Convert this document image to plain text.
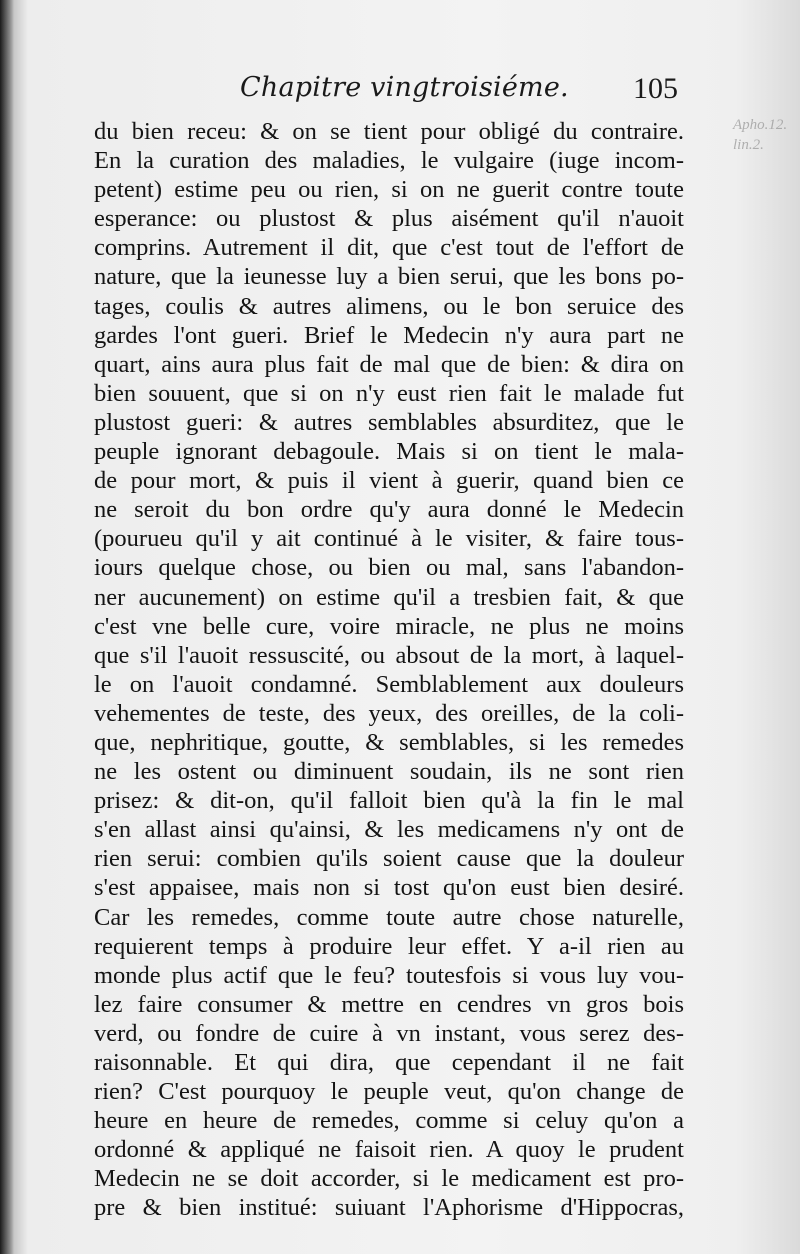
Chapitre vingtroisiéme. 105
Apho.12.
lin.2.
du bien receu: & on se tient pour obligé du contraire.
En la curation des maladies, le vulgaire (iuge incom-
petent) estime peu ou rien, si on ne guerit contre toute
esperance: ou plustost & plus aisément qu'il n'auoit
comprins. Autrement il dit, que c'est tout de l'effort de
nature, que la ieunesse luy a bien serui, que les bons po-
tages, coulis & autres alimens, ou le bon seruice des
gardes l'ont gueri. Brief le Medecin n'y aura part ne
quart, ains aura plus fait de mal que de bien: & dira on
bien souuent, que si on n'y eust rien fait le malade fut
plustost gueri: & autres semblables absurditez, que le
peuple ignorant debagoule. Mais si on tient le mala-
de pour mort, & puis il vient à guerir, quand bien ce
ne seroit du bon ordre qu'y aura donné le Medecin
(pourueu qu'il y ait continué à le visiter, & faire tous-
iours quelque chose, ou bien ou mal, sans l'abandon-
ner aucunement) on estime qu'il a tresbien fait, & que
c'est vne belle cure, voire miracle, ne plus ne moins
que s'il l'auoit ressuscité, ou absout de la mort, à laquel-
le on l'auoit condamné. Semblablement aux douleurs
vehementes de teste, des yeux, des oreilles, de la coli-
que, nephritique, goutte, & semblables, si les remedes
ne les ostent ou diminuent soudain, ils ne sont rien
prisez: & dit-on, qu'il falloit bien qu'à la fin le mal
s'en allast ainsi qu'ainsi, & les medicamens n'y ont de
rien serui: combien qu'ils soient cause que la douleur
s'est appaisee, mais non si tost qu'on eust bien desiré.
Car les remedes, comme toute autre chose naturelle,
requierent temps à produire leur effet. Y a-il rien au
monde plus actif que le feu? toutesfois si vous luy vou-
lez faire consumer & mettre en cendres vn gros bois
verd, ou fondre de cuire à vn instant, vous serez des-
raisonnable. Et qui dira, que cependant il ne fait
rien? C'est pourquoy le peuple veut, qu'on change de
heure en heure de remedes, comme si celuy qu'on a
ordonné & appliqué ne faisoit rien. A quoy le prudent
Medecin ne se doit accorder, si le medicament est pro-
pre & bien institué: suiuant l'Aphorisme d'Hippocras,
